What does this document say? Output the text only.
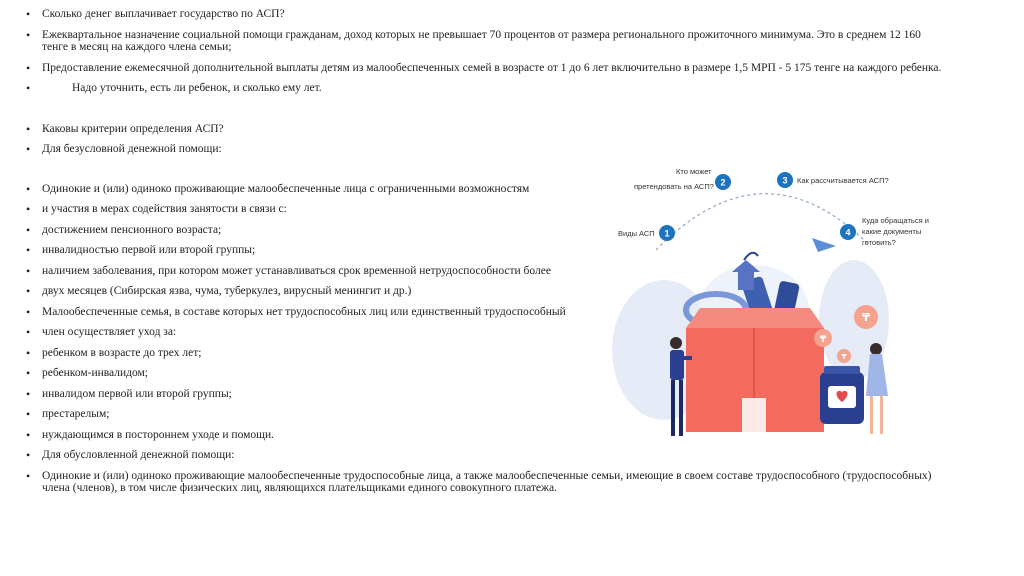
• Сколько денег выплачивает государство по АСП?
• Ежеквартальное назначение социальной помощи гражданам, доход которых не превышает 70 процентов от размера регионального прожиточного минимума. Это в среднем 12 160 тенге в месяц на каждого члена семьи;
• Предоставление ежемесячной дополнительной выплаты детям из малообеспеченных семей в возрасте от 1 до 6 лет включительно в размере 1,5 МРП - 5 175 тенге на каждого ребенка.
• Надо уточнить, есть ли ребенок, и сколько ему лет.
• Каковы критерии определения АСП?
• Для безусловной денежной помощи:
• Одинокие и (или) одиноко проживающие малообеспеченные лица с ограниченными возможностям
• и участия в мерах содействия занятости в связи с:
• достижением пенсионного возраста;
• инвалидностью первой или второй группы;
• наличием заболевания, при котором может устанавливаться срок временной нетрудоспособности более
• двух месяцев (Сибирская язва, чума, туберкулез, вирусный менингит и др.)
• Малообеспеченные семья, в составе которых нет трудоспособных лиц или единственный трудоспособный
• член осуществляет уход за:
• ребенком в возрасте до трех лет;
• ребенком-инвалидом;
• инвалидом первой или второй группы;
• престарелым;
• нуждающимся в постороннем уходе и помощи.
• Для обусловленной денежной помощи:
• Одинокие и (или) одиноко проживающие малообеспеченные трудоспособные лица, а также малообеспеченные семьи, имеющие в своем составе трудоспособного (трудоспособных) члена (членов), в том числе физических лиц, являющихся плательщиками единого совокупного платежа.
1
Виды АСП
2
Кто может
претендовать на АСП?
3 Как рассчитывается АСП?
4
Куда обращаться и
какие документы
готовить?
₸
₸
₸
